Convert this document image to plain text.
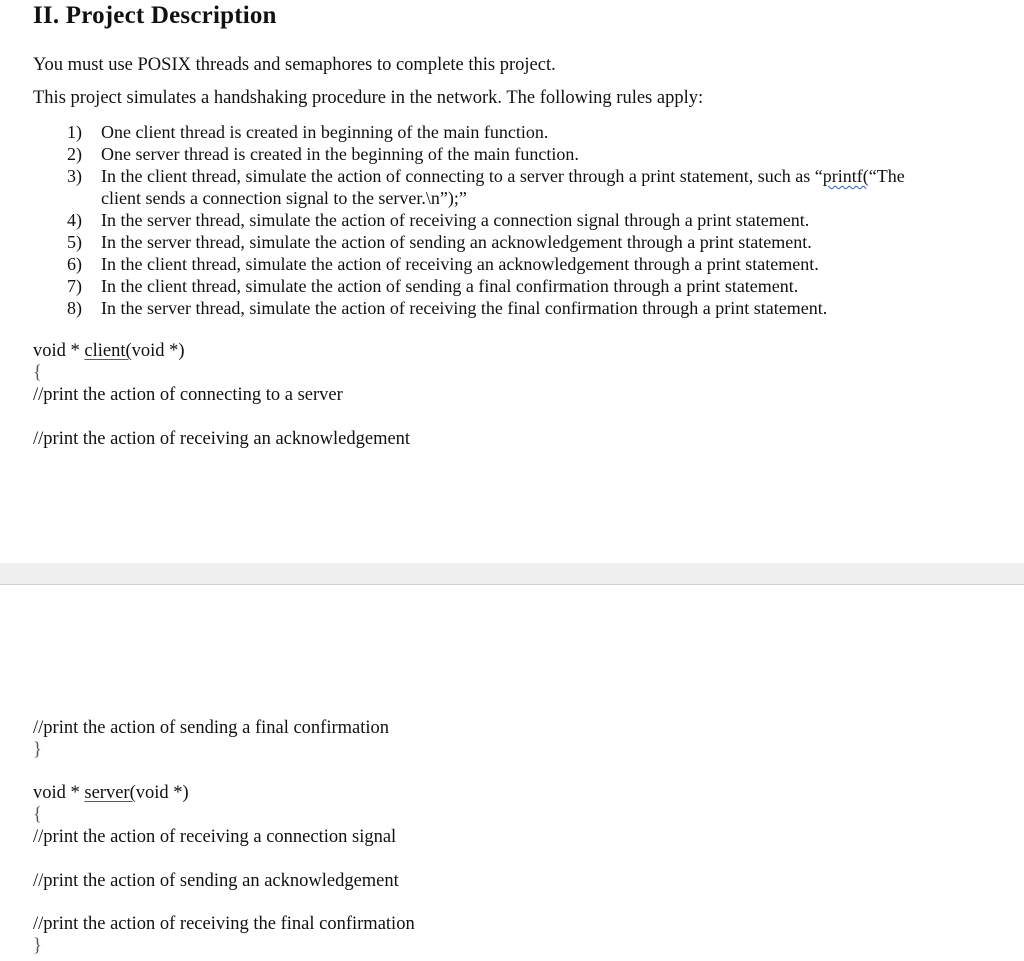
II. Project Description
You must use POSIX threads and semaphores to complete this project.
This project simulates a handshaking procedure in the network. The following rules apply:
1) One client thread is created in beginning of the main function.
2) One server thread is created in the beginning of the main function.
3) In the client thread, simulate the action of connecting to a server through a print statement, such as “printf(“The
client sends a connection signal to the server.\n”);”
4) In the server thread, simulate the action of receiving a connection signal through a print statement.
5) In the server thread, simulate the action of sending an acknowledgement through a print statement.
6) In the client thread, simulate the action of receiving an acknowledgement through a print statement.
7) In the client thread, simulate the action of sending a final confirmation through a print statement.
8) In the server thread, simulate the action of receiving the final confirmation through a print statement.
void * client(void *)
{
//print the action of connecting to a server
//print the action of receiving an acknowledgement
//print the action of sending a final confirmation
}
void * server(void *)
{
//print the action of receiving a connection signal
//print the action of sending an acknowledgement
//print the action of receiving the final confirmation
}
